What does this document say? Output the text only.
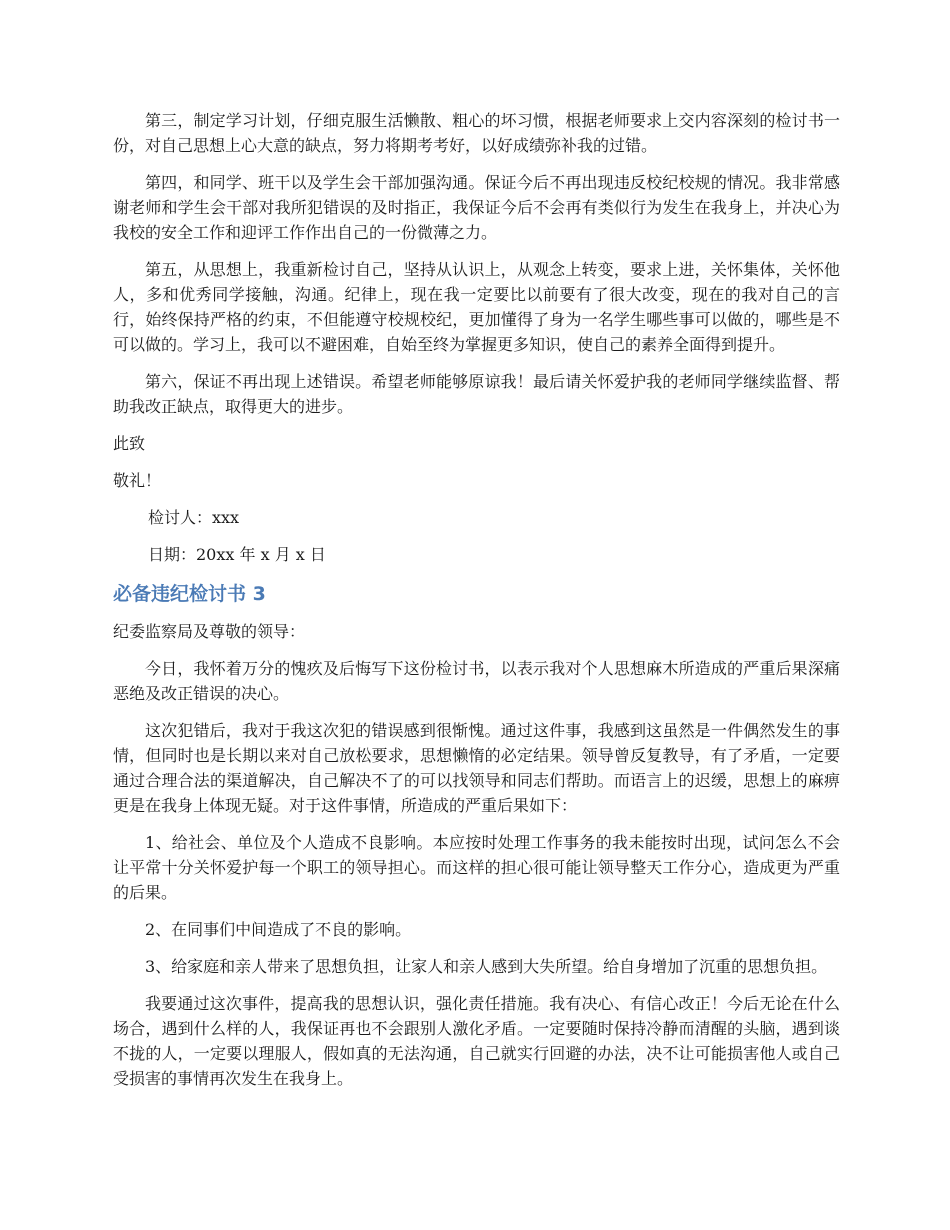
第三，制定学习计划，仔细克服生活懒散、粗心的坏习惯，根据老师要求上交内容深刻的检讨书一份，对自己思想上心大意的缺点，努力将期考考好，以好成绩弥补我的过错。

第四，和同学、班干以及学生会干部加强沟通。保证今后不再出现违反校纪校规的情况。我非常感谢老师和学生会干部对我所犯错误的及时指正，我保证今后不会再有类似行为发生在我身上，并决心为我校的安全工作和迎评工作作出自己的一份微薄之力。

第五，从思想上，我重新检讨自己，坚持从认识上，从观念上转变，要求上进，关怀集体，关怀他人，多和优秀同学接触，沟通。纪律上，现在我一定要比以前要有了很大改变，现在的我对自己的言行，始终保持严格的约束，不但能遵守校规校纪，更加懂得了身为一名学生哪些事可以做的，哪些是不可以做的。学习上，我可以不避困难，自始至终为掌握更多知识，使自己的素养全面得到提升。

第六，保证不再出现上述错误。希望老师能够原谅我！最后请关怀爱护我的老师同学继续监督、帮助我改正缺点，取得更大的进步。

此致
敬礼！
检讨人：xxx
日期：20xx 年 x 月 x 日
必备违纪检讨书 3
纪委监察局及尊敬的领导：

今日，我怀着万分的愧疚及后悔写下这份检讨书，以表示我对个人思想麻木所造成的严重后果深痛恶绝及改正错误的决心。

这次犯错后，我对于我这次犯的错误感到很惭愧。通过这件事，我感到这虽然是一件偶然发生的事情，但同时也是长期以来对自己放松要求，思想懒惰的必定结果。领导曾反复教导，有了矛盾，一定要通过合理合法的渠道解决，自己解决不了的可以找领导和同志们帮助。而语言上的迟缓，思想上的麻痹更是在我身上体现无疑。对于这件事情，所造成的严重后果如下：

1、给社会、单位及个人造成不良影响。本应按时处理工作事务的我未能按时出现，试问怎么不会让平常十分关怀爱护每一个职工的领导担心。而这样的担心很可能让领导整天工作分心，造成更为严重的后果。

2、在同事们中间造成了不良的影响。

3、给家庭和亲人带来了思想负担，让家人和亲人感到大失所望。给自身增加了沉重的思想负担。

我要通过这次事件，提高我的思想认识，强化责任措施。我有决心、有信心改正！今后无论在什么场合，遇到什么样的人，我保证再也不会跟别人激化矛盾。一定要随时保持冷静而清醒的头脑，遇到谈不拢的人，一定要以理服人，假如真的无法沟通，自己就实行回避的办法，决不让可能损害他人或自己受损害的事情再次发生在我身上。
